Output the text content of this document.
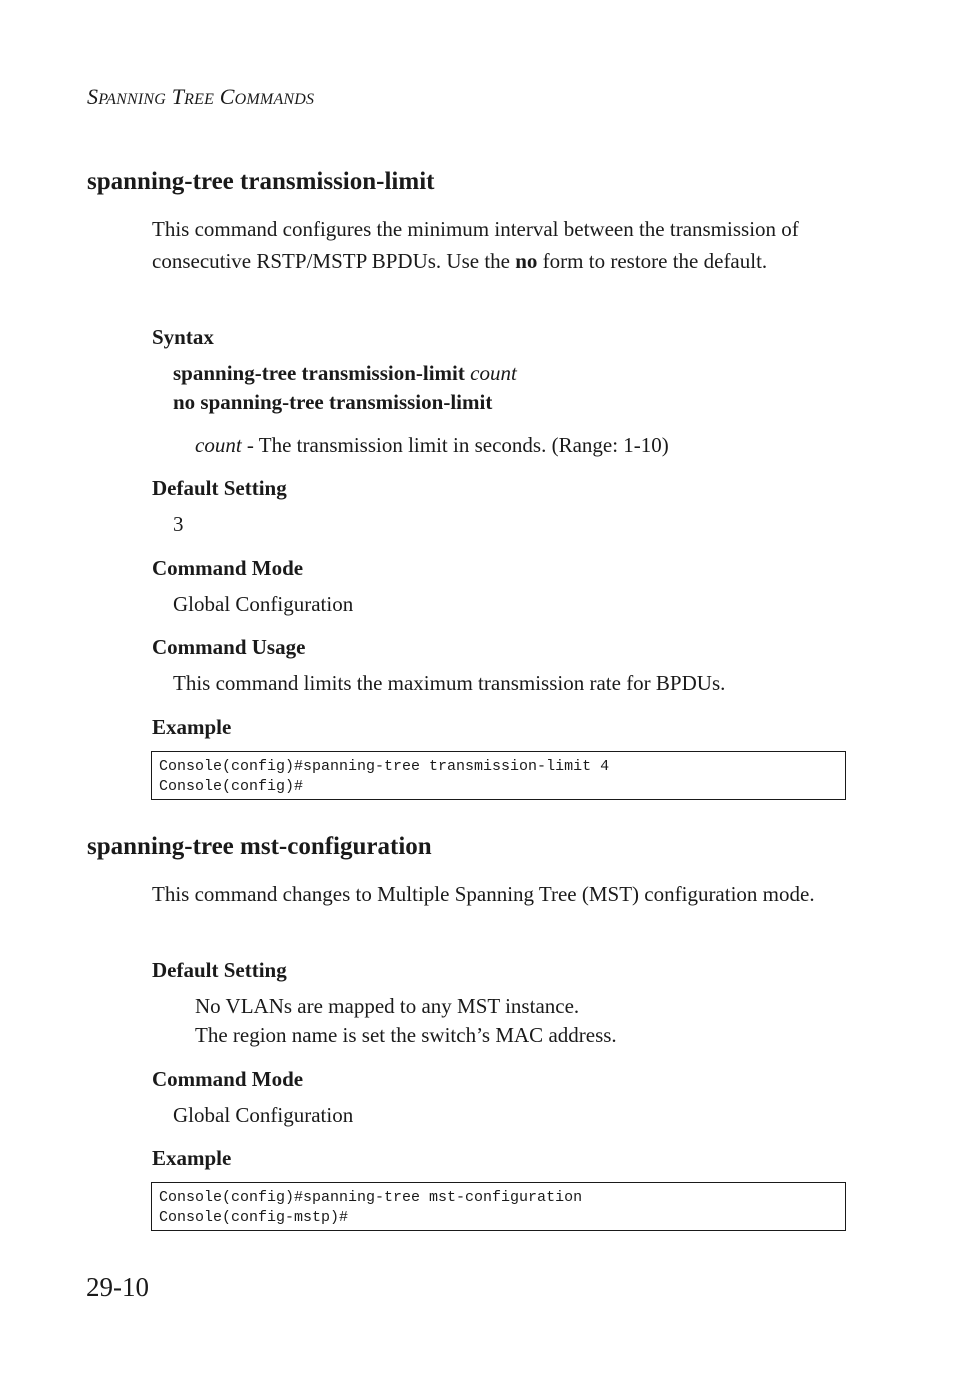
SPANNING TREE COMMANDS
spanning-tree transmission-limit
This command configures the minimum interval between the transmission of consecutive RSTP/MSTP BPDUs. Use the no form to restore the default.
Syntax
spanning-tree transmission-limit count
no spanning-tree transmission-limit
count - The transmission limit in seconds. (Range: 1-10)
Default Setting
3
Command Mode
Global Configuration
Command Usage
This command limits the maximum transmission rate for BPDUs.
Example
Console(config)#spanning-tree transmission-limit 4
Console(config)#
spanning-tree mst-configuration
This command changes to Multiple Spanning Tree (MST) configuration mode.
Default Setting
No VLANs are mapped to any MST instance.
The region name is set the switch’s MAC address.
Command Mode
Global Configuration
Example
Console(config)#spanning-tree mst-configuration
Console(config-mstp)#
29-10
